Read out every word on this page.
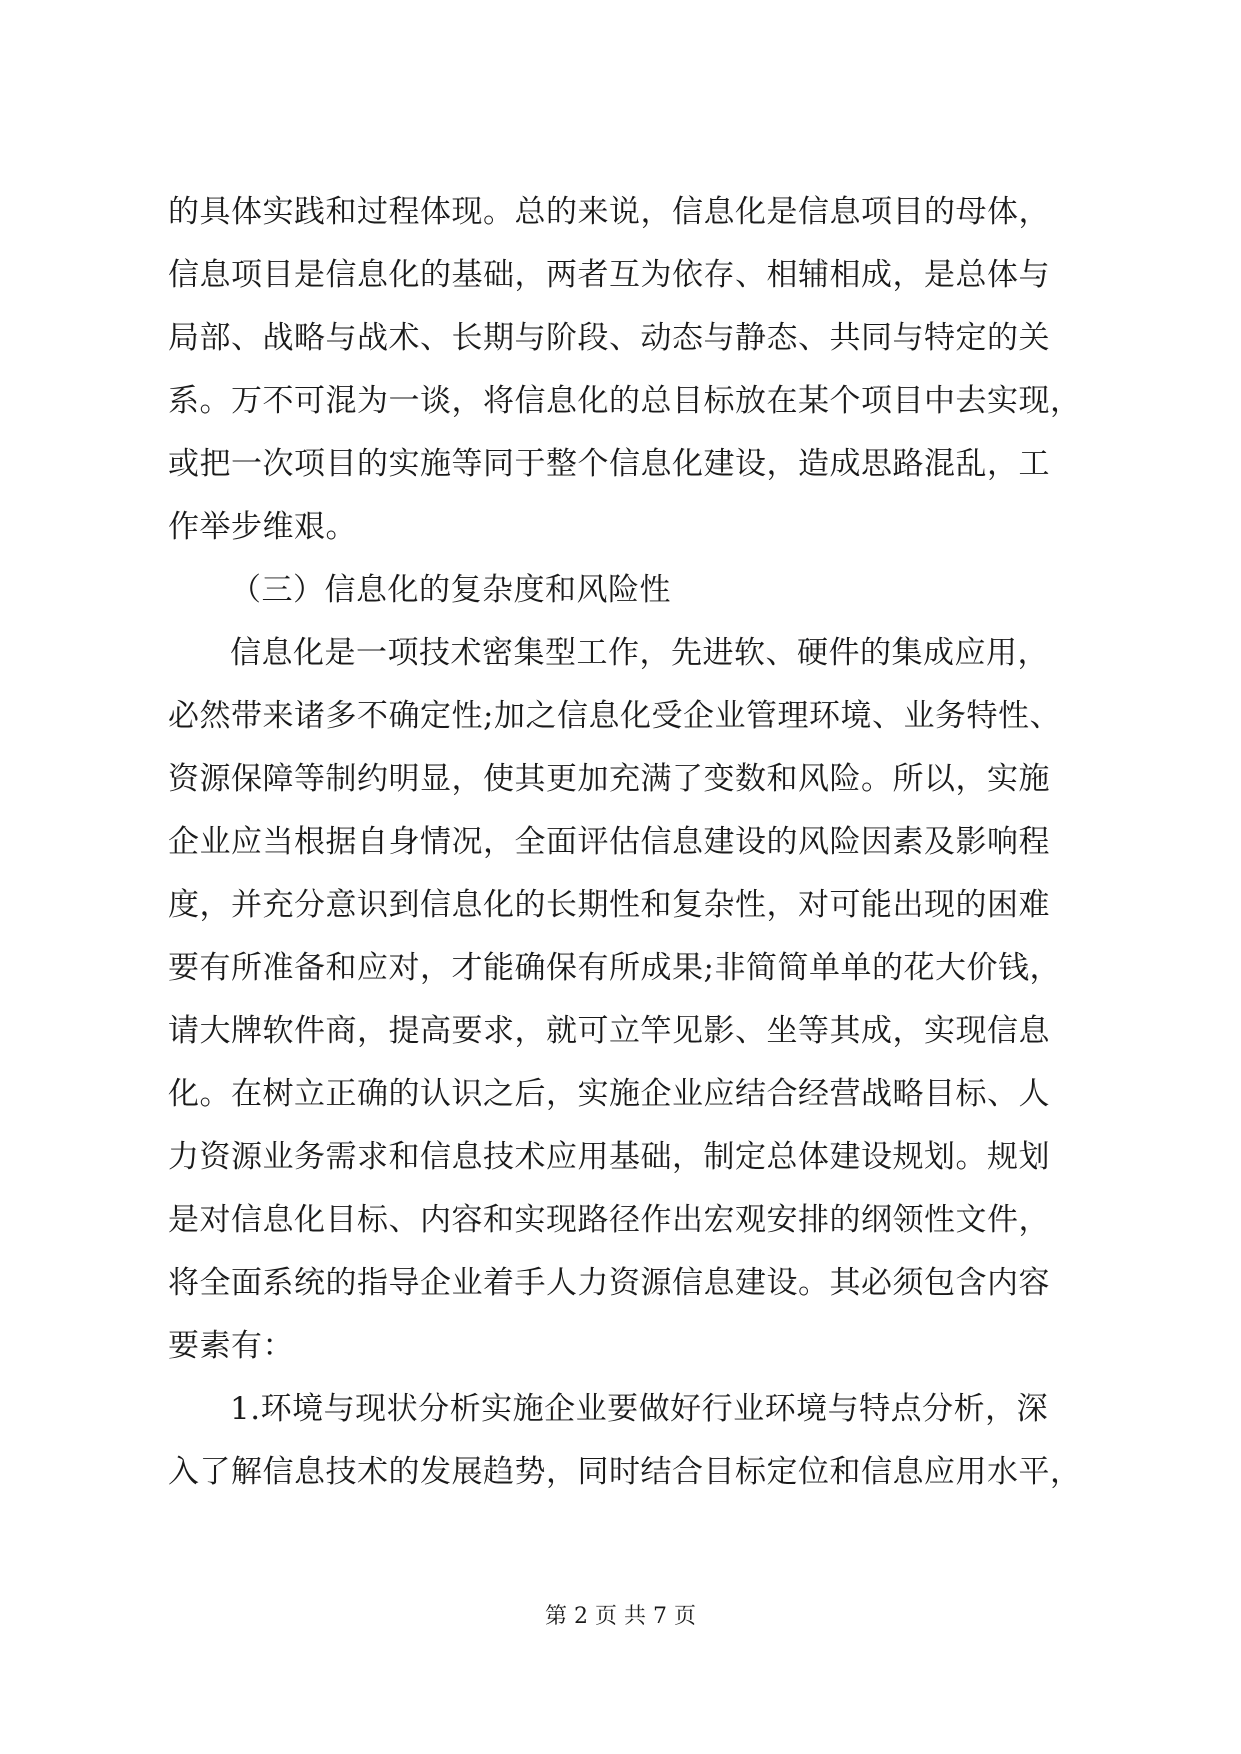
的具体实践和过程体现。总的来说，信息化是信息项目的母体，
信息项目是信息化的基础，两者互为依存、相辅相成，是总体与
局部、战略与战术、长期与阶段、动态与静态、共同与特定的关
系。万不可混为一谈，将信息化的总目标放在某个项目中去实现，
或把一次项目的实施等同于整个信息化建设，造成思路混乱，工
作举步维艰。
（三）信息化的复杂度和风险性
信息化是一项技术密集型工作，先进软、硬件的集成应用，
必然带来诸多不确定性;加之信息化受企业管理环境、业务特性、
资源保障等制约明显，使其更加充满了变数和风险。所以，实施
企业应当根据自身情况，全面评估信息建设的风险因素及影响程
度，并充分意识到信息化的长期性和复杂性，对可能出现的困难
要有所准备和应对，才能确保有所成果;非简简单单的花大价钱，
请大牌软件商，提高要求，就可立竿见影、坐等其成，实现信息
化。在树立正确的认识之后，实施企业应结合经营战略目标、人
力资源业务需求和信息技术应用基础，制定总体建设规划。规划
是对信息化目标、内容和实现路径作出宏观安排的纲领性文件，
将全面系统的指导企业着手人力资源信息建设。其必须包含内容
要素有：
1.环境与现状分析实施企业要做好行业环境与特点分析，深
入了解信息技术的发展趋势，同时结合目标定位和信息应用水平，
第 2 页 共 7 页
